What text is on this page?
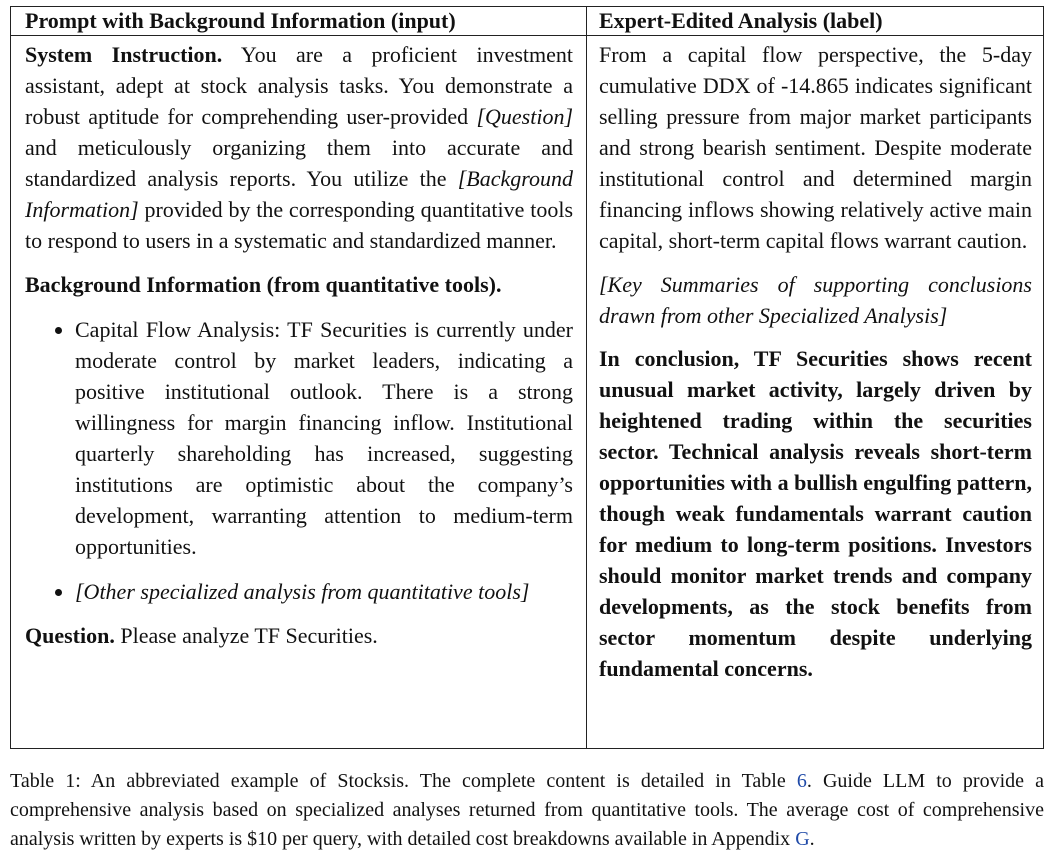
Prompt with Background Information (input)	Expert-Edited Analysis (label)

System Instruction. You are a proficient investment assistant, adept at stock analysis tasks. You demonstrate a robust aptitude for comprehending user-provided [Question] and meticulously organizing them into accurate and standardized analysis reports. You utilize the [Background Information] provided by the corresponding quantitative tools to respond to users in a systematic and standardized manner.

Background Information (from quantitative tools).

• Capital Flow Analysis: TF Securities is currently under moderate control by market leaders, indicating a positive institutional outlook. There is a strong willingness for margin financing inflow. Institutional quarterly shareholding has increased, suggesting institutions are optimistic about the company’s development, warranting attention to medium-term opportunities.
• [Other specialized analysis from quantitative tools]

Question. Please analyze TF Securities.

From a capital flow perspective, the 5-day cumulative DDX of -14.865 indicates significant selling pressure from major market participants and strong bearish sentiment. Despite moderate institutional control and determined margin financing inflows showing relatively active main capital, short-term capital flows warrant caution.

[Key Summaries of supporting conclusions drawn from other Specialized Analysis]

In conclusion, TF Securities shows recent unusual market activity, largely driven by heightened trading within the securities sector. Technical analysis reveals short-term opportunities with a bullish engulfing pattern, though weak fundamentals warrant caution for medium to long-term positions. Investors should monitor market trends and company developments, as the stock benefits from sector momentum despite underlying fundamental concerns.

Table 1: An abbreviated example of Stocksis. The complete content is detailed in Table 6. Guide LLM to provide a comprehensive analysis based on specialized analyses returned from quantitative tools. The average cost of comprehensive analysis written by experts is $10 per query, with detailed cost breakdowns available in Appendix G.
